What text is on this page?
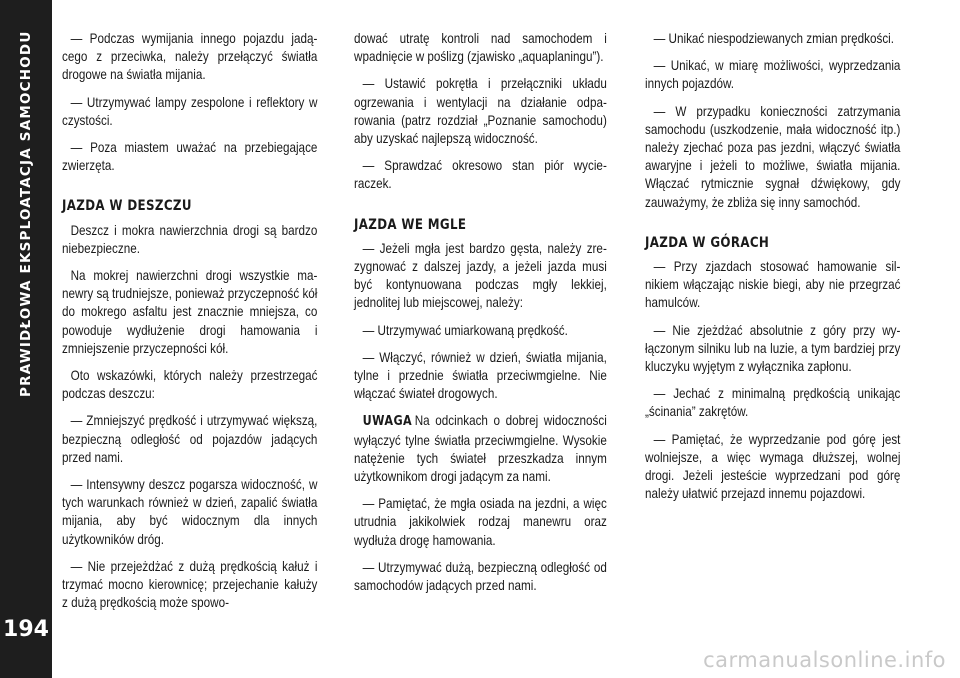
PRAWIDŁOWA EKSPLOATACJA SAMOCHODU
194

— Podczas wymijania innego pojazdu jadącego z przeciwka, należy przełączyć światła drogowe na światła mijania.

— Utrzymywać lampy zespolone i reflektory w czystości.

— Poza miastem uważać na przebiegające zwierzęta.

JAZDA W DESZCZU

Deszcz i mokra nawierzchnia drogi są bardzo niebezpieczne.

Na mokrej nawierzchni drogi wszystkie manewry są trudniejsze, ponieważ przyczepność kół do mokrego asfaltu jest znacznie mniejsza, co powoduje wydłużenie drogi hamowania i zmniejszenie przyczepności kół.

Oto wskazówki, których należy przestrzegać podczas deszczu:

— Zmniejszyć prędkość i utrzymywać większą, bezpieczną odległość od pojazdów jadących przed nami.

— Intensywny deszcz pogarsza widoczność, w tych warunkach również w dzień, zapalić światła mijania, aby być widocznym dla innych użytkowników dróg.

— Nie przejeżdżać z dużą prędkością kałuż i trzymać mocno kierownicę; przejechanie kałuży z dużą prędkością może spowo-

dować utratę kontroli nad samochodem i wpadnięcie w poślizg (zjawisko „aquaplaningu”).

— Ustawić pokrętła i przełączniki układu ogrzewania i wentylacji na działanie odparowania (patrz rozdział „Poznanie samochodu) aby uzyskać najlepszą widoczność.

— Sprawdzać okresowo stan piór wycieraczek.

JAZDA WE MGLE

— Jeżeli mgła jest bardzo gęsta, należy zrezygnować z dalszej jazdy, a jeżeli jazda musi być kontynuowana podczas mgły lekkiej, jednolitej lub miejscowej, należy:

— Utrzymywać umiarkowaną prędkość.

— Włączyć, również w dzień, światła mijania, tylne i przednie światła przeciwmgielne. Nie włączać świateł drogowych.

UWAGA Na odcinkach o dobrej widoczności wyłączyć tylne światła przeciwmgielne. Wysokie natężenie tych świateł przeszkadza innym użytkownikom drogi jadącym za nami.

— Pamiętać, że mgła osiada na jezdni, a więc utrudnia jakikolwiek rodzaj manewru oraz wydłuża drogę hamowania.

— Utrzymywać dużą, bezpieczną odległość od samochodów jadących przed nami.

— Unikać niespodziewanych zmian prędkości.

— Unikać, w miarę możliwości, wyprzedzania innych pojazdów.

— W przypadku konieczności zatrzymania samochodu (uszkodzenie, mała widoczność itp.) należy zjechać poza pas jezdni, włączyć światła awaryjne i jeżeli to możliwe, światła mijania. Włączać rytmicznie sygnał dźwiękowy, gdy zauważymy, że zbliża się inny samochód.

JAZDA W GÓRACH

— Przy zjazdach stosować hamowanie silnikiem włączając niskie biegi, aby nie przegrzać hamulców.

— Nie zjeżdżać absolutnie z góry przy wyłączonym silniku lub na luzie, a tym bardziej przy kluczyku wyjętym z wyłącznika zapłonu.

— Jechać z minimalną prędkością unikając „ścinania” zakrętów.

— Pamiętać, że wyprzedzanie pod górę jest wolniejsze, a więc wymaga dłuższej, wolnej drogi. Jeżeli jesteście wyprzedzani pod górę należy ułatwić przejazd innemu pojazdowi.

carmanualsonline.info
